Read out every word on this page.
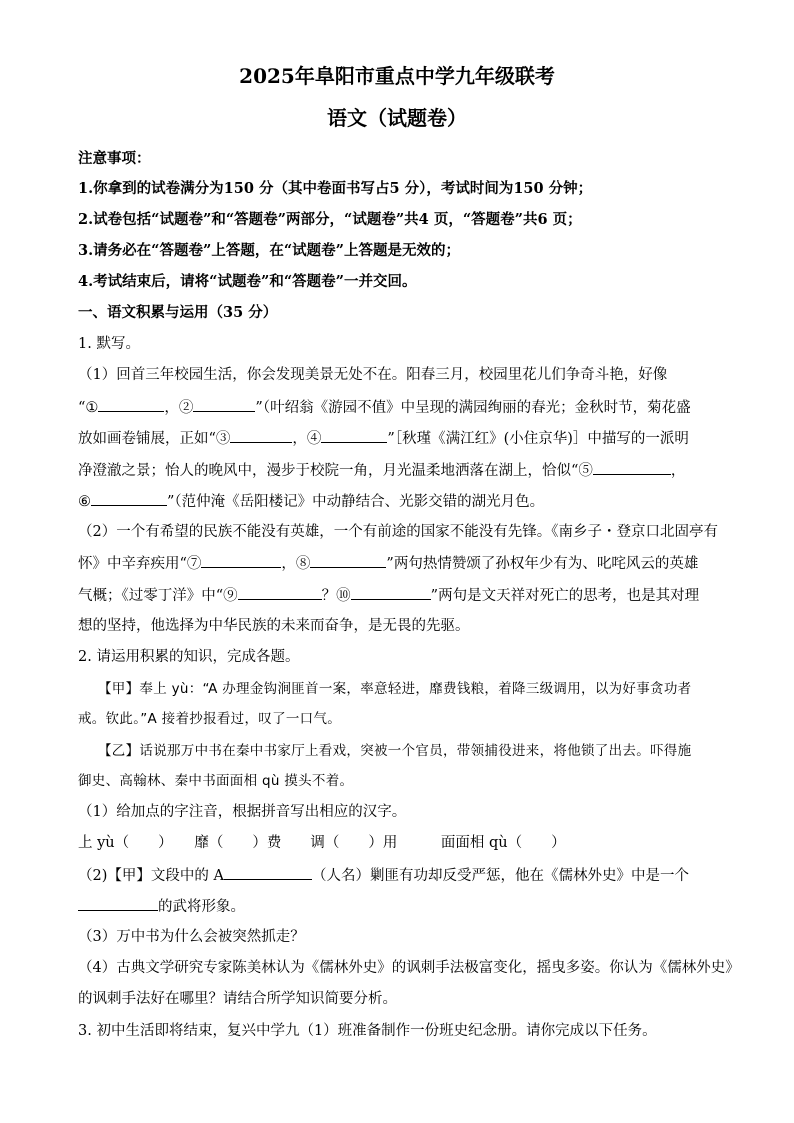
2025年阜阳市重点中学九年级联考
语文（试题卷）
注意事项：
1.你拿到的试卷满分为150 分（其中卷面书写占5 分），考试时间为150 分钟；
2.试卷包括“试题卷”和“答题卷”两部分，“试题卷”共4 页，“答题卷”共6 页；
3.请务必在“答题卷”上答题，在“试题卷”上答题是无效的；
4.考试结束后，请将“试题卷”和“答题卷”一并交回。
一、语文积累与运用（35 分）
1. 默写。
（1）回首三年校园生活，你会发现美景无处不在。阳春三月，校园里花儿们争奇斗艳，好像
“①	，②	”（叶绍翁《游园不值》中呈现的满园绚丽的春光；金秋时节，菊花盛
放如画卷铺展，正如“③	，④	”［秋瑾《满江红》(小住京华)］中描写的一派明
净澄澈之景；怡人的晚风中，漫步于校院一角，月光温柔地洒落在湖上，恰似“⑤	，
⑥	”（范仲淹《岳阳楼记》中动静结合、光影交错的湖光月色。
（2）一个有希望的民族不能没有英雄，一个有前途的国家不能没有先锋。《南乡子・登京口北固亭有
怀》中辛弃疾用“⑦	，⑧	”两句热情赞颂了孙权年少有为、叱咤风云的英雄
气概；《过零丁洋》中“⑨	？⑩	”两句是文天祥对死亡的思考，也是其对理
想的坚持，他选择为中华民族的未来而奋争，是无畏的先驱。
2. 请运用积累的知识，完成各题。
【甲】奉上 yù：“A 办理金钩涧匪首一案，率意轻进，靡费钱粮，着降三级调用，以为好事贪功者
戒。钦此。”A 接着抄报看过，叹了一口气。
【乙】话说那万中书在秦中书家厅上看戏，突被一个官员，带领捕役进来，将他锁了出去。吓得施
御史、高翰林、秦中书面面相 qù 摸头不着。
（1）给加点的字注音，根据拼音写出相应的汉字。
上 yù（　　）　　靡（　　）费　　调（　　）用　　　面面相 qù（　　）
（2)【甲】文段中的 A	（人名）剿匪有功却反受严惩，他在《儒林外史》中是一个
的武将形象。
（3）万中书为什么会被突然抓走？
（4）古典文学研究专家陈美林认为《儒林外史》的讽刺手法极富变化，摇曳多姿。你认为《儒林外史》
的讽刺手法好在哪里？请结合所学知识简要分析。
3. 初中生活即将结束，复兴中学九（1）班准备制作一份班史纪念册。请你完成以下任务。
